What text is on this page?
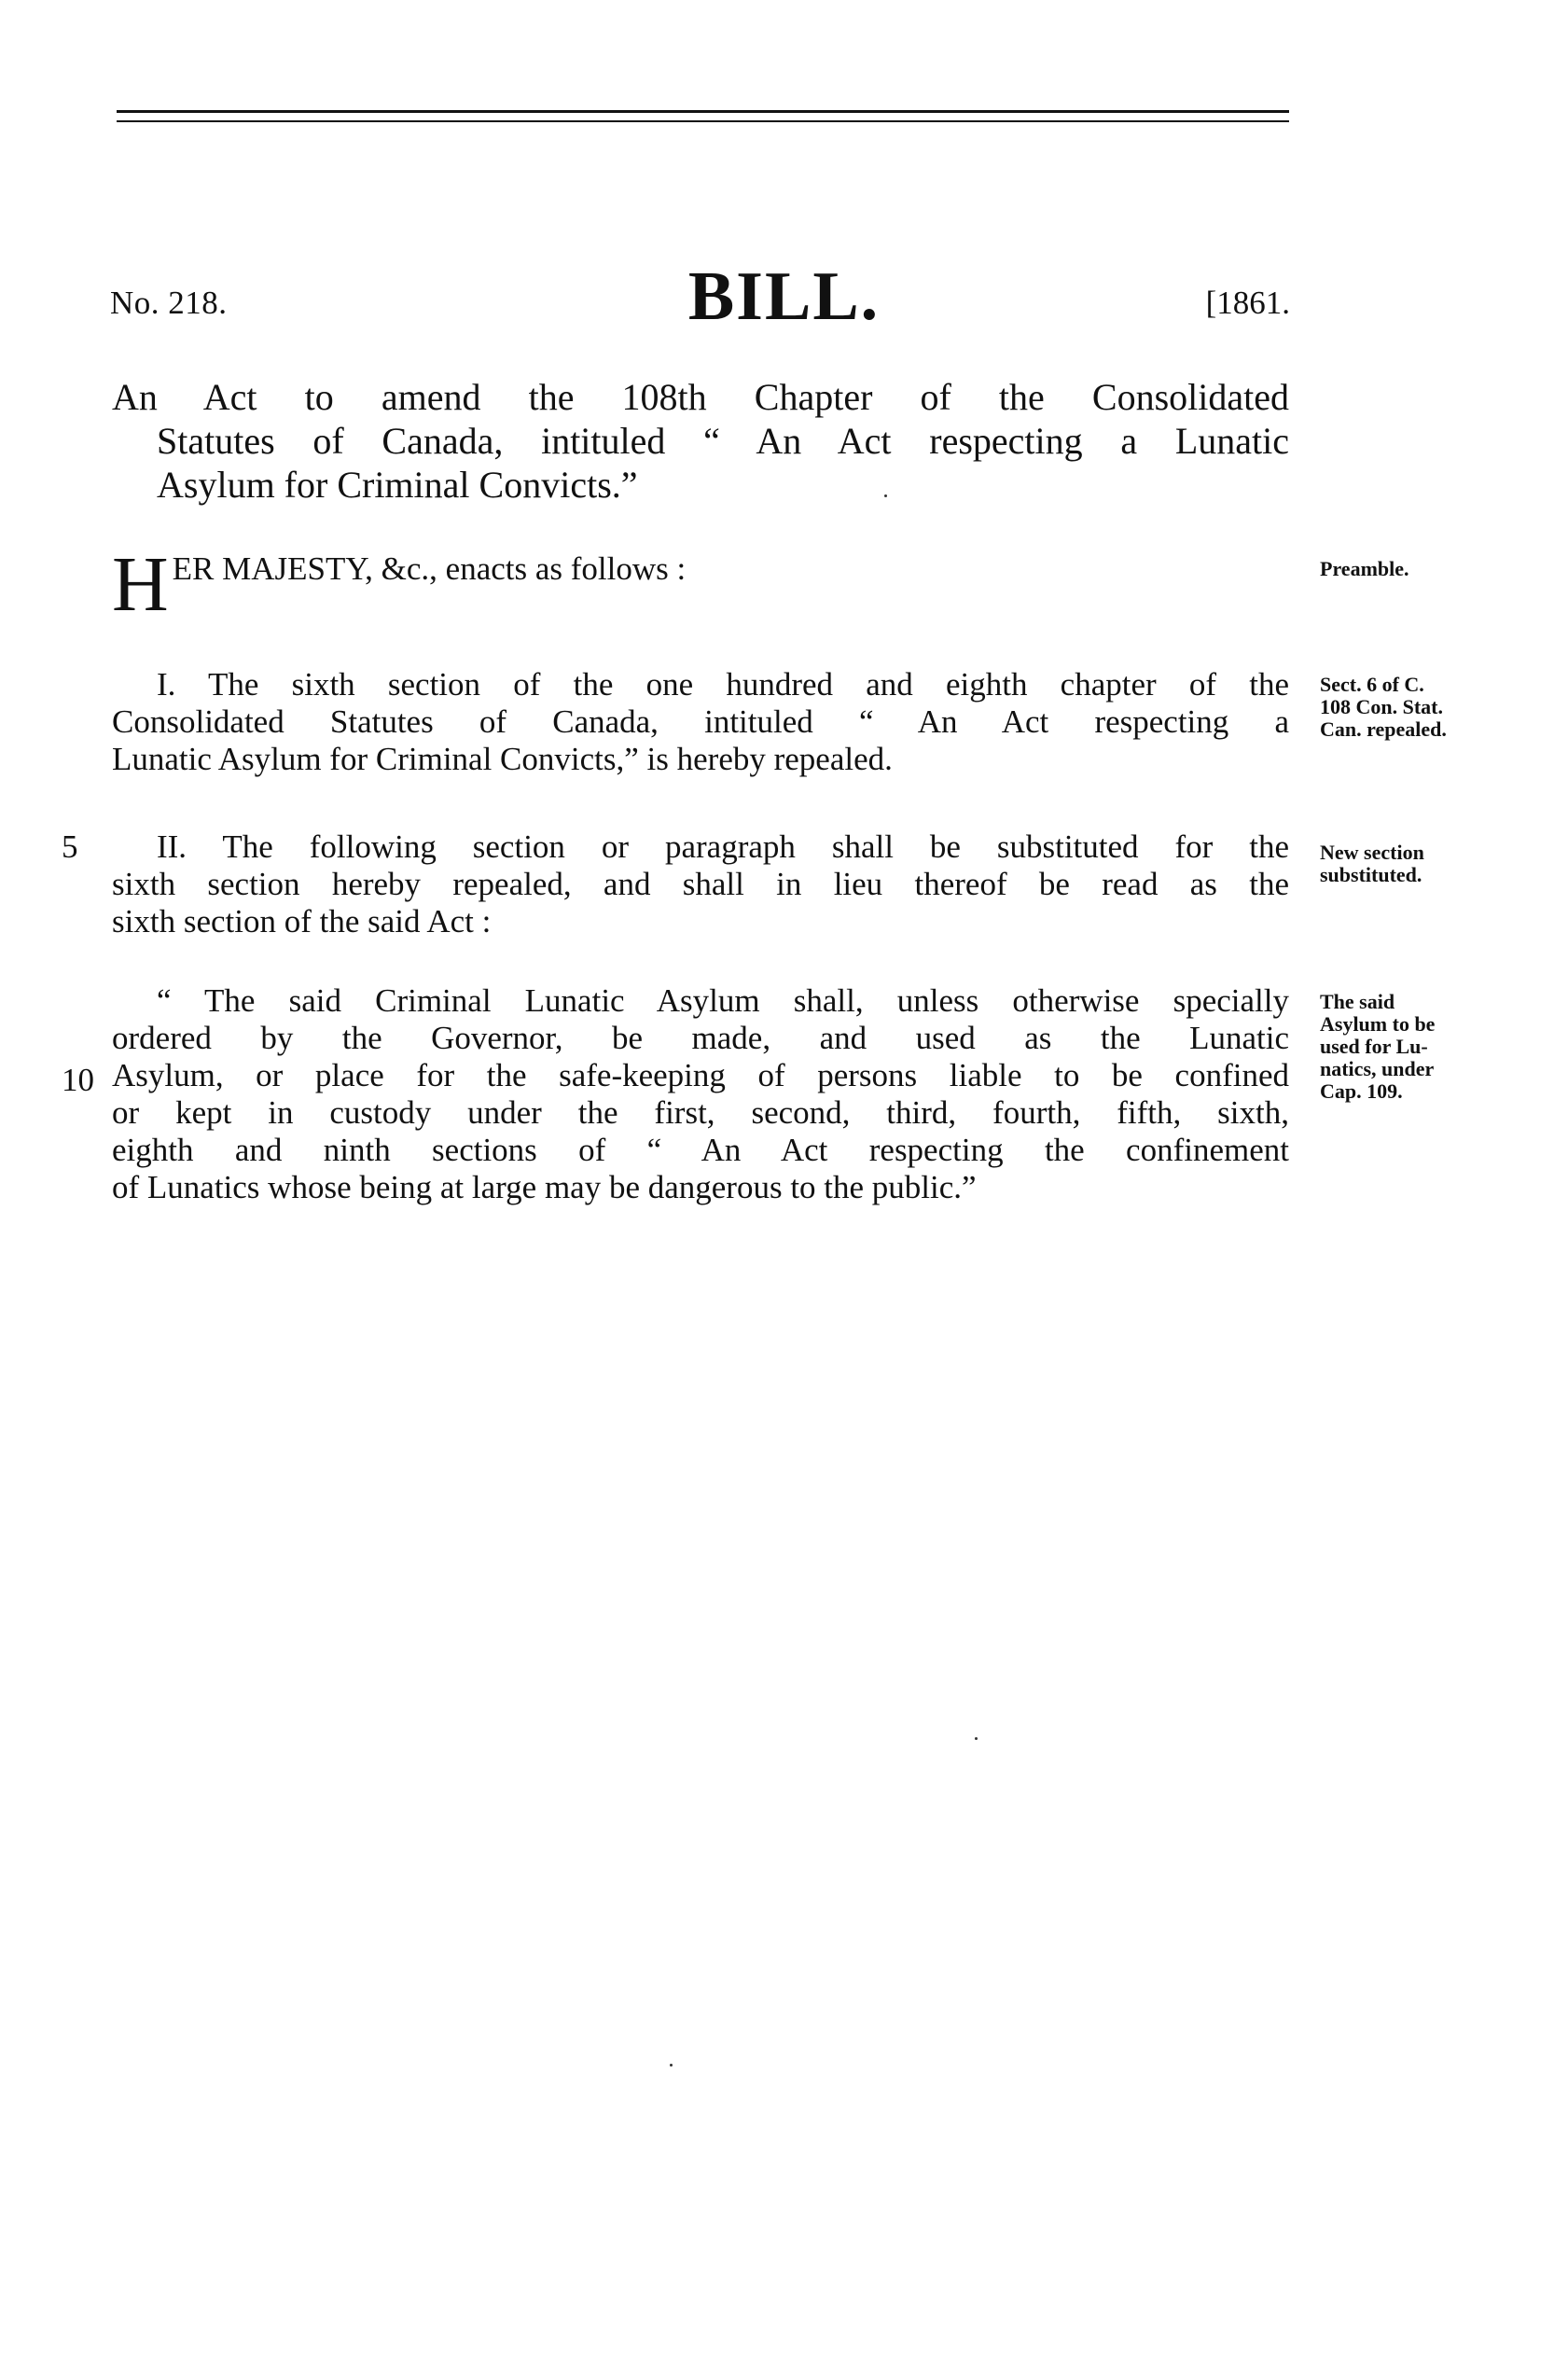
No. 218.	BILL.	[1861.
An Act to amend the 108th Chapter of the Consolidated
Statutes of Canada, intituled “ An Act respecting a Lunatic
Asylum for Criminal Convicts.”
H ER MAJESTY, &c., enacts as follows :	Preamble.
I. The sixth section of the one hundred and eighth chapter of the
Consolidated Statutes of Canada, intituled “ An Act respecting a
Lunatic Asylum for Criminal Convicts,” is hereby repealed.
Sect. 6 of C.
108 Con. Stat.
Can. repealed.
5	II. The following section or paragraph shall be substituted for the
sixth section hereby repealed, and shall in lieu thereof be read as the
sixth section of the said Act :
New section
substituted.
10
“ The said Criminal Lunatic Asylum shall, unless otherwise specially
ordered by the Governor, be made, and used as the Lunatic
Asylum, or place for the safe-keeping of persons liable to be confined
or kept in custody under the first, second, third, fourth, fifth, sixth,
eighth and ninth sections of “ An Act respecting the confinement
of Lunatics whose being at large may be dangerous to the public.”
The said
Asylum to be
used for Lu-
natics, under
Cap. 109.
